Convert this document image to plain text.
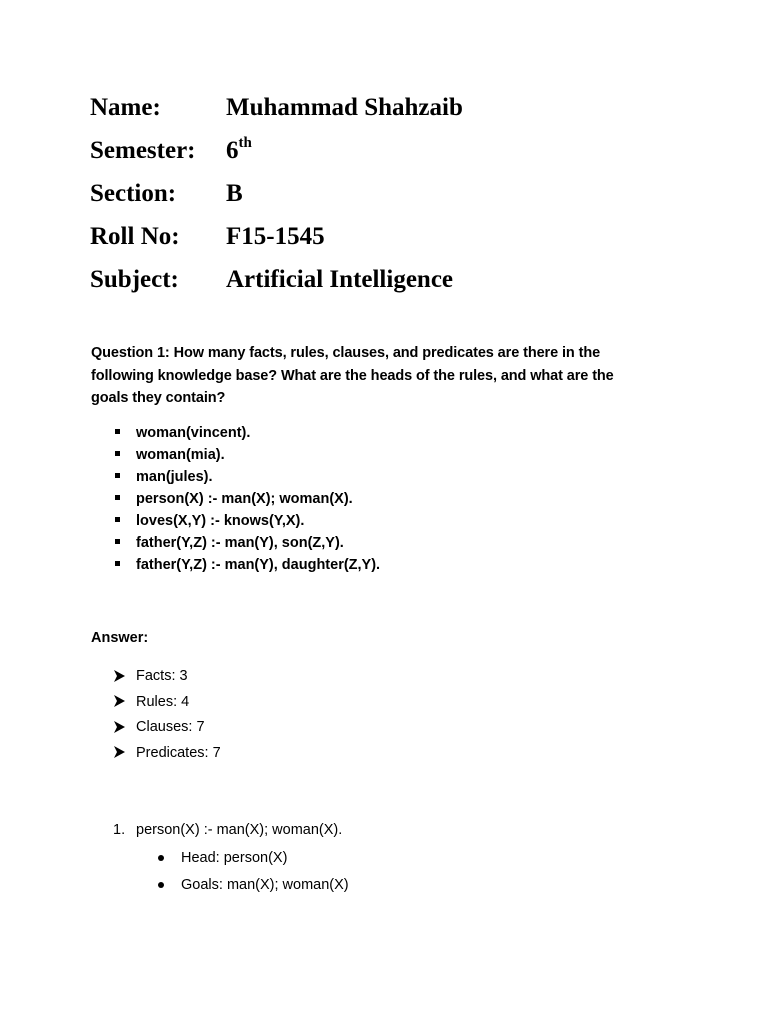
Name:	Muhammad Shahzaib
Semester:	6th
Section:	B
Roll No:	F15-1545
Subject:	Artificial Intelligence
Question 1: How many facts, rules, clauses, and predicates are there in the
following knowledge base? What are the heads of the rules, and what are the
goals they contain?
woman(vincent).
woman(mia).
man(jules).
person(X) :- man(X); woman(X).
loves(X,Y) :- knows(Y,X).
father(Y,Z) :- man(Y), son(Z,Y).
father(Y,Z) :- man(Y), daughter(Z,Y).
Answer:
Facts:
3
Rules:
4
Clauses:
7
Predicates:
7
1. person(X) :- man(X); woman(X).
Head:
person(X)
Goals:
man(X); woman(X)
